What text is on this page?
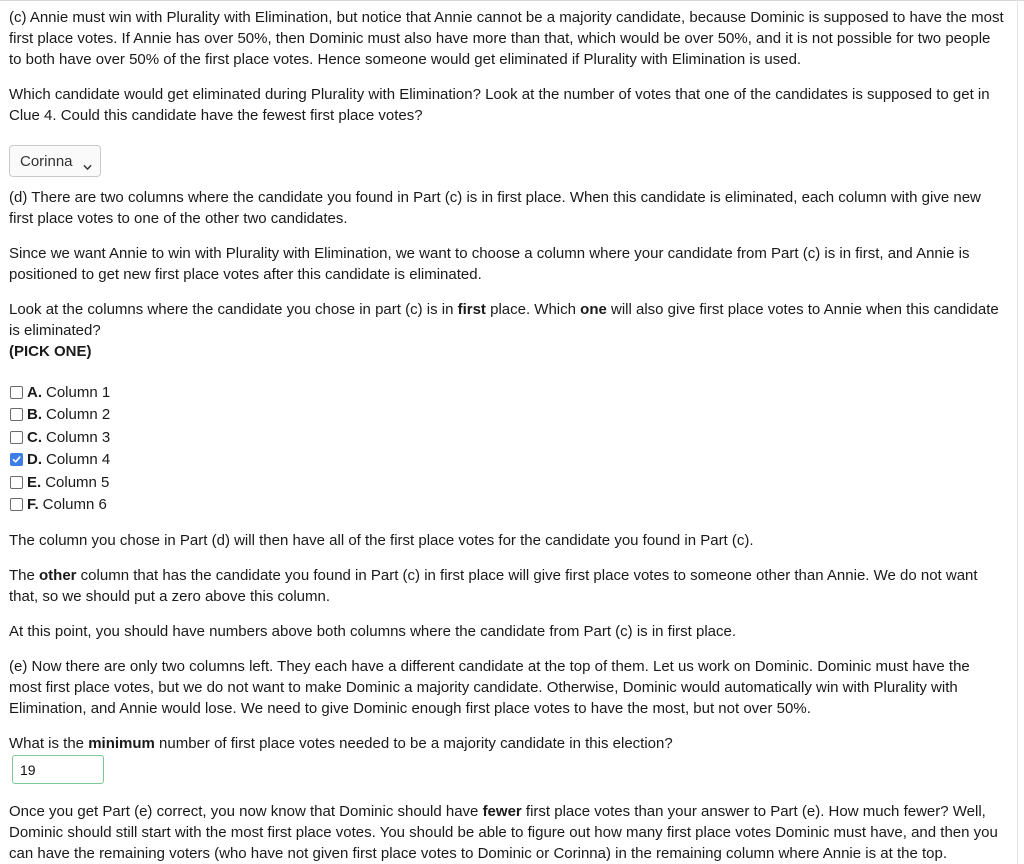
(c) Annie must win with Plurality with Elimination, but notice that Annie cannot be a majority candidate, because Dominic is supposed to have the most first place votes. If Annie has over 50%, then Dominic must also have more than that, which would be over 50%, and it is not possible for two people to both have over 50% of the first place votes. Hence someone would get eliminated if Plurality with Elimination is used.

Which candidate would get eliminated during Plurality with Elimination? Look at the number of votes that one of the candidates is supposed to get in Clue 4. Could this candidate have the fewest first place votes?

Corinna

(d) There are two columns where the candidate you found in Part (c) is in first place. When this candidate is eliminated, each column with give new first place votes to one of the other two candidates.

Since we want Annie to win with Plurality with Elimination, we want to choose a column where your candidate from Part (c) is in first, and Annie is positioned to get new first place votes after this candidate is eliminated.

Look at the columns where the candidate you chose in part (c) is in first place. Which one will also give first place votes to Annie when this candidate is eliminated?

(PICK ONE)

A. Column 1
B. Column 2
C. Column 3
D. Column 4
E. Column 5
F. Column 6

The column you chose in Part (d) will then have all of the first place votes for the candidate you found in Part (c).

The other column that has the candidate you found in Part (c) in first place will give first place votes to someone other than Annie. We do not want that, so we should put a zero above this column.

At this point, you should have numbers above both columns where the candidate from Part (c) is in first place.

(e) Now there are only two columns left. They each have a different candidate at the top of them. Let us work on Dominic. Dominic must have the most first place votes, but we do not want to make Dominic a majority candidate. Otherwise, Dominic would automatically win with Plurality with Elimination, and Annie would lose. We need to give Dominic enough first place votes to have the most, but not over 50%.

What is the minimum number of first place votes needed to be a majority candidate in this election?

19

Once you get Part (e) correct, you now know that Dominic should have fewer first place votes than your answer to Part (e). How much fewer? Well, Dominic should still start with the most first place votes. You should be able to figure out how many first place votes Dominic must have, and then you can have the remaining voters (who have not given first place votes to Dominic or Corinna) in the remaining column where Annie is at the top.
